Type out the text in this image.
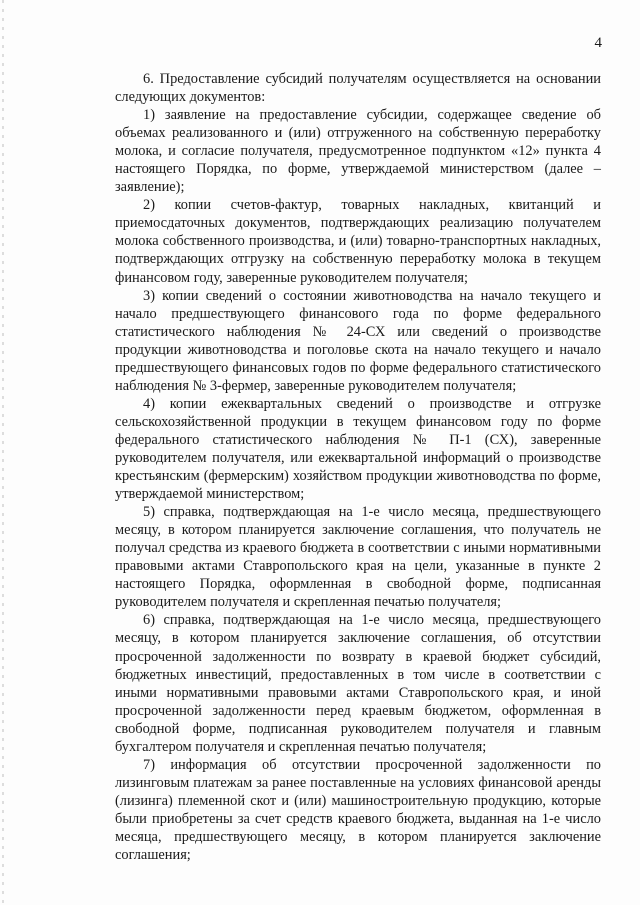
4

6. Предоставление субсидий получателям осуществляется на основании следующих документов:

1) заявление на предоставление субсидии, содержащее сведение об объемах реализованного и (или) отгруженного на собственную переработку молока, и согласие получателя, предусмотренное подпунктом «12» пункта 4 настоящего Порядка, по форме, утверждаемой министерством (далее – заявление);

2) копии счетов-фактур, товарных накладных, квитанций и приемосдаточных документов, подтверждающих реализацию получателем молока собственного производства, и (или) товарно-транспортных накладных, подтверждающих отгрузку на собственную переработку молока в текущем финансовом году, заверенные руководителем получателя;

3) копии сведений о состоянии животноводства на начало текущего и начало предшествующего финансового года по форме федерального статистического наблюдения № 24-СХ или сведений о производстве продукции животноводства и поголовье скота на начало текущего и начало предшествующего финансовых годов по форме федерального статистического наблюдения № 3-фермер, заверенные руководителем получателя;

4) копии ежеквартальных сведений о производстве и отгрузке сельскохозяйственной продукции в текущем финансовом году по форме федерального статистического наблюдения № П-1 (СХ), заверенные руководителем получателя, или ежеквартальной информаций о производстве крестьянским (фермерским) хозяйством продукции животноводства по форме, утверждаемой министерством;

5) справка, подтверждающая на 1-е число месяца, предшествующего месяцу, в котором планируется заключение соглашения, что получатель не получал средства из краевого бюджета в соответствии с иными нормативными правовыми актами Ставропольского края на цели, указанные в пункте 2 настоящего Порядка, оформленная в свободной форме, подписанная руководителем получателя и скрепленная печатью получателя;

6) справка, подтверждающая на 1-е число месяца, предшествующего месяцу, в котором планируется заключение соглашения, об отсутствии просроченной задолженности по возврату в краевой бюджет субсидий, бюджетных инвестиций, предоставленных в том числе в соответствии с иными нормативными правовыми актами Ставропольского края, и иной просроченной задолженности перед краевым бюджетом, оформленная в свободной форме, подписанная руководителем получателя и главным бухгалтером получателя и скрепленная печатью получателя;

7) информация об отсутствии просроченной задолженности по лизинговым платежам за ранее поставленные на условиях финансовой аренды (лизинга) племенной скот и (или) машиностроительную продукцию, которые были приобретены за счет средств краевого бюджета, выданная на 1-е число месяца, предшествующего месяцу, в котором планируется заключение соглашения;
